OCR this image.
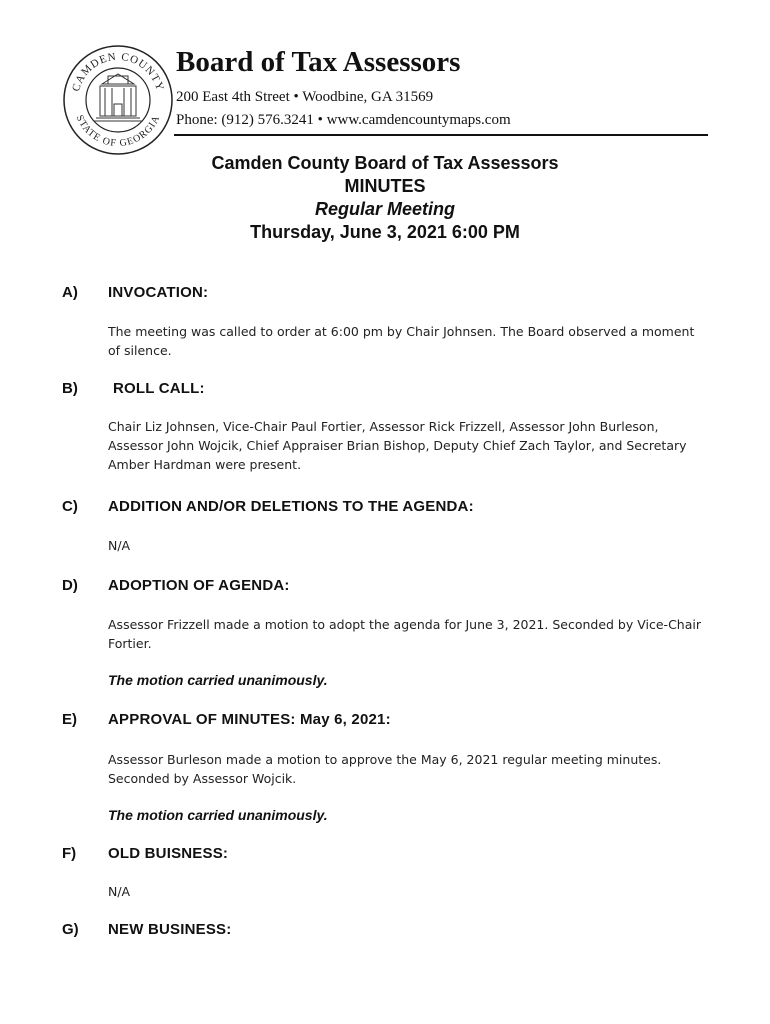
CAMDEN COUNTY
STATE OF GEORGIA
Board of Tax Assessors
200 East 4th Street • Woodbine, GA 31569
Phone: (912) 576.3241 • www.camdencountymaps.com
Camden County Board of Tax Assessors
MINUTES
Regular Meeting
Thursday, June 3, 2021 6:00 PM
A) INVOCATION:
The meeting was called to order at 6:00 pm by Chair Johnsen. The Board observed a moment of silence.
B) ROLL CALL:
Chair Liz Johnsen, Vice-Chair Paul Fortier, Assessor Rick Frizzell, Assessor John Burleson, Assessor John Wojcik, Chief Appraiser Brian Bishop, Deputy Chief Zach Taylor, and Secretary Amber Hardman were present.
C) ADDITION AND/OR DELETIONS TO THE AGENDA:
N/A
D) ADOPTION OF AGENDA:
Assessor Frizzell made a motion to adopt the agenda for June 3, 2021. Seconded by Vice-Chair Fortier.
The motion carried unanimously.
E) APPROVAL OF MINUTES: May 6, 2021:
Assessor Burleson made a motion to approve the May 6, 2021 regular meeting minutes. Seconded by Assessor Wojcik.
The motion carried unanimously.
F) OLD BUISNESS:
N/A
G) NEW BUSINESS:
